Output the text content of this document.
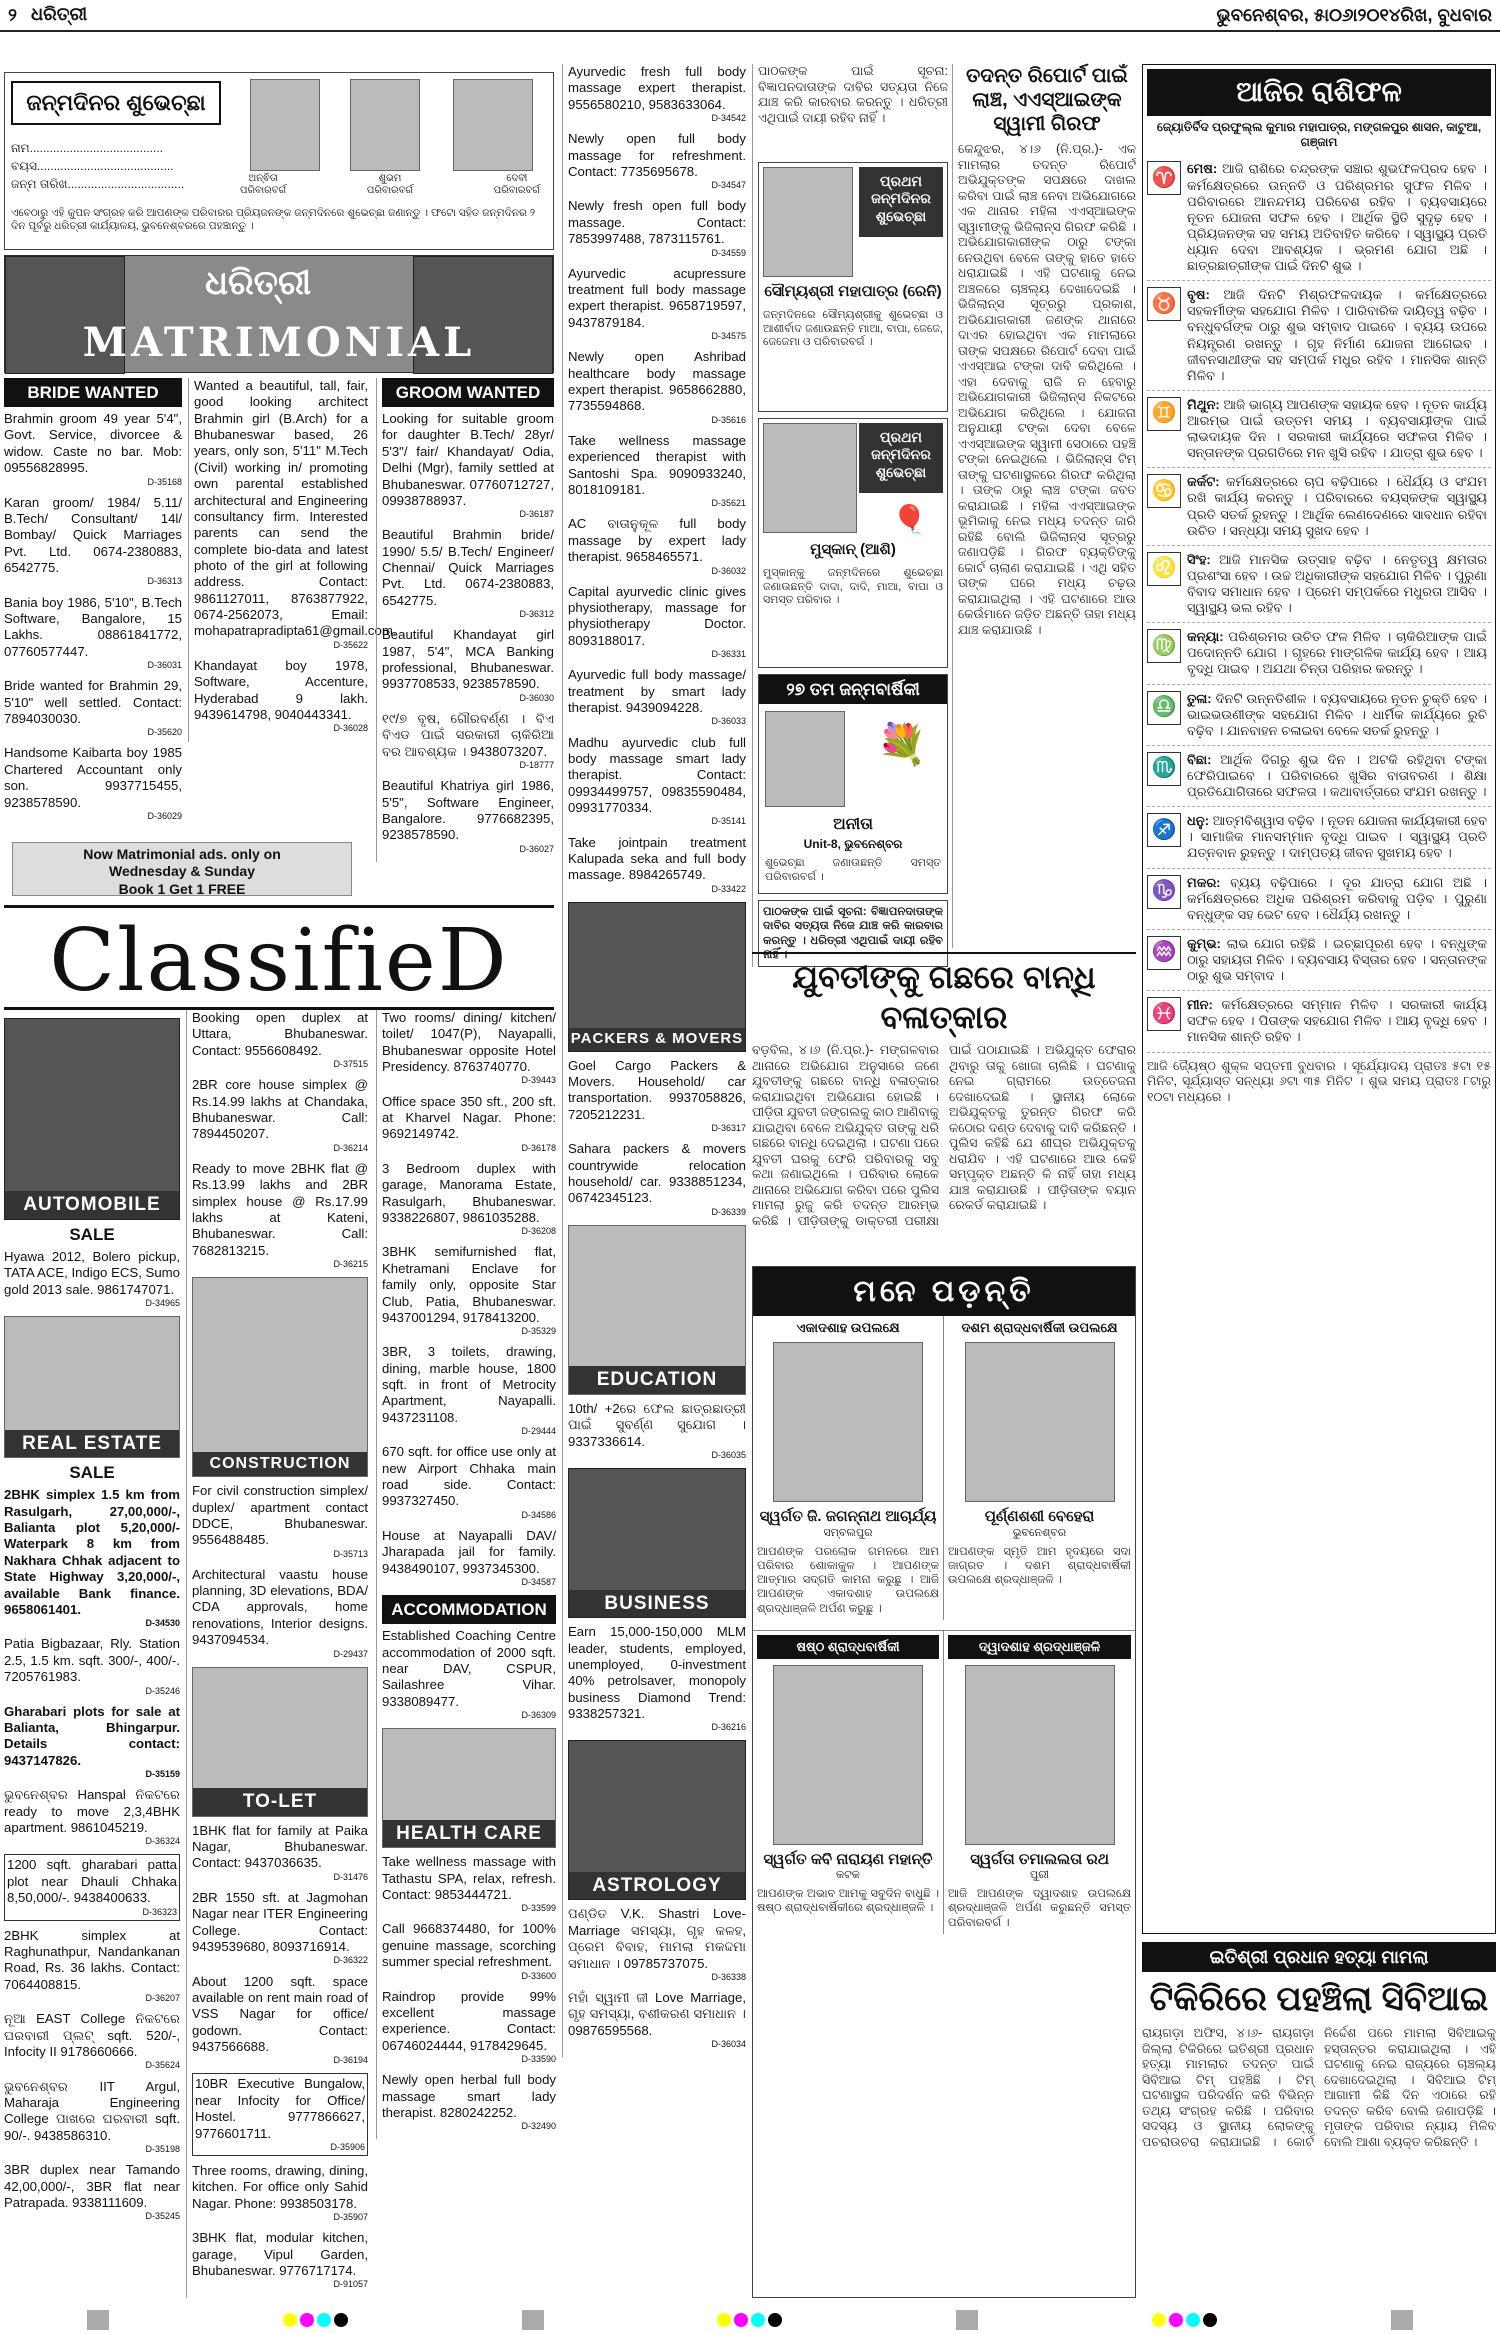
୨ ଧରିତ୍ରୀ	ଭୁବନେଶ୍ବର, ୫ା୦୬ା୨୦୧୪ରିଖ, ବୁଧବାର
ଜନ୍ମଦିନର ଶୁଭେଚ୍ଛା
ନାମ........................................
ବୟସ.........................................
ଜନ୍ମ ତାରିଖ...................................	ଅନ୍ଵିତା
ପରିବାରବର୍ଗ
ଶୁଭମ
ପରିବାରବର୍ଗ
ଦେବୀ
ପରିବାରବର୍ଗ
ଏବେଠାରୁ ଏହି କୁପନ ସଂଗ୍ରହ କରି ଆପଣଙ୍କ ପରିବାରର ପ୍ରିୟଜନଙ୍କ ଜନ୍ମଦିନରେ ଶୁଭେଚ୍ଛା ଜଣାନ୍ତୁ । ଫଟୋ ସହିତ ଜନ୍ମଦିନର ୨ ଦିନ ପୂର୍ବରୁ ଧରିତ୍ରୀ କାର୍ଯ୍ୟାଳୟ, ଭୁବନେଶ୍ବରରେ ପହଞ୍ଚାନ୍ତୁ ।
ଧରିତ୍ରୀ
MATRIMONIAL
BRIDE WANTED
Brahmin groom 49 year 5'4", Govt. Service, divorcee & widow. Caste no bar. Mob: 09556828995.
D-35168
Karan groom/ 1984/ 5.11/ B.Tech/ Consultant/ 14l/ Bombay/ Quick Marriages Pvt. Ltd. 0674-2380883, 6542775.
D-36313
Bania boy 1986, 5'10", B.Tech Software, Bangalore, 15 Lakhs. 08861841772, 07760577447.
D-36031
Bride wanted for Brahmin 29, 5'10" well settled. Contact: 7894030030.
D-35620
Handsome Kaibarta boy 1985 Chartered Accountant only son. 9937715455, 9238578590.
D-36029
Wanted a beautiful, tall, fair, good looking architect Brahmin girl (B.Arch) for a Bhubaneswar based, 26 years, only son, 5'11" M.Tech (Civil) working in/ promoting own parental established architectural and Engineering consultancy firm. Interested parents can send the complete bio-data and latest photo of the girl at following address. Contact: 9861127011, 8763877922, 0674-2562073, Email: mohapatrapradipta61@gmail.com.
D-35622
Khandayat boy 1978, Software, Accenture, Hyderabad 9 lakh. 9439614798, 9040443341.
D-36028
GROOM WANTED
Looking for suitable groom for daughter B.Tech/ 28yr/ 5'3"/ fair/ Khandayat/ Odia, Delhi (Mgr), family settled at Bhubaneswar. 07760712727, 09938788937.
D-36187
Beautiful Brahmin bride/ 1990/ 5.5/ B.Tech/ Engineer/ Chennai/ Quick Marriages Pvt. Ltd. 0674-2380883, 6542775.
D-36312
Beautiful Khandayat girl 1987, 5'4", MCA Banking professional, Bhubaneswar. 9937708533, 9238578590.
D-36030
୧୯/୭ ବୃଷ, ଗୌରବର୍ଣ୍ଣ । ବିଏ ବିଏଡ ପାଇଁ ସରକାରୀ ଚାକିରିଆ ବର ଆବଶ୍ୟକ । 9438073207.
D-18777
Beautiful Khatriya girl 1986, 5'5", Software Engineer, Bangalore. 9776682395, 9238578590.
D-36027
Now Matrimonial ads. only on
Wednesday & Sunday
Book 1 Get 1 FREE
ClassifieD
AUTOMOBILE
SALE
Hyawa 2012, Bolero pickup, TATA ACE, Indigo ECS, Sumo gold 2013 sale. 9861747071.
D-34965
REAL ESTATE
SALE
2BHK simplex 1.5 km from Rasulgarh, 27,00,000/-, Balianta plot 5,20,000/- Waterpark 8 km from Nakhara Chhak adjacent to State Highway 3,20,000/-, available Bank finance. 9658061401.
D-34530
Patia Bigbazaar, Rly. Station 2.5, 1.5 km. sqft. 300/-, 400/-. 7205761983.
D-35246
Gharabari plots for sale at Balianta, Bhingarpur. Details contact: 9437147826.
D-35159
ଭୁବନେଶ୍ବର Hanspal ନିକଟରେ ready to move 2,3,4BHK apartment. 9861045219.
D-36324
1200 sqft. gharabari patta plot near Dhauli Chhaka 8,50,000/-. 9438400633.
D-36323
2BHK simplex at Raghunathpur, Nandankanan Road, Rs. 36 lakhs. Contact: 7064408815.
D-36207
ନୂଆ EAST College ନିକଟରେ ଘରବାରୀ ପ୍ଲଟ୍ sqft. 520/-, Infocity II 9178660666.
D-35624
ଭୁବନେଶ୍ବର IIT Argul, Maharaja Engineering College ପାଖରେ ଘରବାରୀ sqft. 90/-. 9438586310.
D-35198
3BR duplex near Tamando 42,00,000/-, 3BR flat near Patrapada. 9338111609.
D-35245
Booking open duplex at Uttara, Bhubaneswar. Contact: 9556608492.
D-37515
2BR core house simplex @ Rs.14.99 lakhs at Chandaka, Bhubaneswar. Call: 7894450207.
D-36214
Ready to move 2BHK flat @ Rs.13.99 lakhs and 2BR simplex house @ Rs.17.99 lakhs at Kateni, Bhubaneswar. Call: 7682813215.
D-36215
CONSTRUCTION
For civil construction simplex/ duplex/ apartment contact DDCE, Bhubaneswar. 9556488485.
D-35713
Architectural vaastu house planning, 3D elevations, BDA/ CDA approvals, home renovations, Interior designs. 9437094534.
D-29437
TO-LET
1BHK flat for family at Paika Nagar, Bhubaneswar. Contact: 9437036635.
D-31476
2BR 1550 sft. at Jagmohan Nagar near ITER Engineering College. Contact: 9439539680, 8093716914.
D-36322
About 1200 sqft. space available on rent main road of VSS Nagar for office/ godown. Contact: 9437566688.
D-36194
10BR Executive Bungalow, near Infocity for Office/ Hostel. 9777866627, 9776601711.
D-35906
Three rooms, drawing, dining, kitchen. For office only Sahid Nagar. Phone: 9938503178.
D-35907
3BHK flat, modular kitchen, garage, Vipul Garden, Bhubaneswar. 9776717174.
D-91057
Two rooms/ dining/ kitchen/ toilet/ 1047(P), Nayapalli, Bhubaneswar opposite Hotel Presidency. 8763740770.
D-39443
Office space 350 sft., 200 sft. at Kharvel Nagar. Phone: 9692149742.
D-36178
3 Bedroom duplex with garage, Manorama Estate, Rasulgarh, Bhubaneswar. 9338226807, 9861035288.
D-36208
3BHK semifurnished flat, Khetramani Enclave for family only, opposite Star Club, Patia, Bhubaneswar. 9437001294, 9178413200.
D-35329
3BR, 3 toilets, drawing, dining, marble house, 1800 sqft. in front of Metrocity Apartment, Nayapalli. 9437231108.
D-29444
670 sqft. for office use only at new Airport Chhaka main road side. Contact: 9937327450.
D-34586
House at Nayapalli DAV/ Jharapada jail for family. 9438490107, 9937345300.
D-34587
ACCOMMODATION
Established Coaching Centre accommodation of 2000 sqft. near DAV, CSPUR, Sailashree Vihar. 9338089477.
D-36309
HEALTH CARE
Take wellness massage with Tathastu SPA, relax, refresh. Contact: 9853444721.
D-33599
Call 9668374480, for 100% genuine massage, scorching summer special refreshment.
D-33600
Raindrop provide 99% excellent massage experience. Contact: 06746024444, 9178429645.
D-33590
Newly open herbal full body massage smart lady therapist. 8280242252.
D-32490
Ayurvedic fresh full body massage expert therapist. 9556580210, 9583633064.
D-34542
Newly open full body massage for refreshment. Contact: 7735695678.
D-34547
Newly fresh open full body massage. Contact: 7853997488, 7873115761.
D-34559
Ayurvedic acupressure treatment full body massage expert therapist. 9658719597, 9437879184.
D-34575
Newly open Ashribad healthcare body massage expert therapist. 9658662880, 7735594868.
D-35616
Take wellness massage experienced therapist with Santoshi Spa. 9090933240, 8018109181.
D-35621
AC ବାତାନୁକୂଳ full body massage by expert lady therapist. 9658465571.
D-36032
Capital ayurvedic clinic gives physiotherapy, massage for physiotherapy Doctor. 8093188017.
D-36331
Ayurvedic full body massage/ treatment by smart lady therapist. 9439094228.
D-36033
Madhu ayurvedic club full body massage smart lady therapist. Contact: 09934499757, 09835590484, 09931770334.
D-35141
Take jointpain treatment Kalupada seka and full body massage. 8984265749.
D-33422
PACKERS & MOVERS
Goel Cargo Packers & Movers. Household/ car transportation. 9937058826, 7205212231.
D-36317
Sahara packers & movers countrywide relocation household/ car. 9338851234, 06742345123.
D-36339
EDUCATION
10th/ +2ରେ ଫେଲ ଛାତ୍ରଛାତ୍ରୀ ପାଇଁ ସୁବର୍ଣ୍ଣ ସୁଯୋଗ । 9337336614.
D-36035
BUSINESS
Earn 15,000-150,000 MLM leader, students, employed, unemployed, 0-investment 40% petrolsaver, monopoly business Diamond Trend: 9338257321.
D-36216
ASTROLOGY
ପଣ୍ଡିତ V.K. Shastri Love-Marriage ସମସ୍ୟା, ଗୃହ କଳହ, ପ୍ରେମ ବିବାହ, ମାମଲା ମକଦ୍ଦମା ସମାଧାନ । 09785737075.
D-36338
ମହାଁ ସ୍ୱାମୀ ଜୀ Love Marriage, ଗୃହ ସମସ୍ୟା, ବଶୀକରଣ ସମାଧାନ । 09876595568.
D-36034
ପାଠକଙ୍କ ପାଇଁ ସୂଚନା: ବିଜ୍ଞାପନଦାତାଙ୍କ ଦାବିର ସତ୍ୟତା ନିଜେ ଯାଞ୍ଚ କରି କାରବାର କରନ୍ତୁ । ଧରିତ୍ରୀ ଏଥିପାଇଁ ଦାୟୀ ରହିବ ନାହିଁ ।
ପ୍ରଥମ ଜନ୍ମଦିନର ଶୁଭେଚ୍ଛା
ସୌମ୍ୟଶ୍ରୀ ମହାପାତ୍ର (ରେନି)
ଜନ୍ମଦିନରେ ସୌମ୍ୟଶ୍ରୀକୁ ଶୁଭେଚ୍ଛା ଓ ଆଶୀର୍ବାଦ ଜଣାଉଛନ୍ତି ମାଆ, ବାପା, ଜେଜେ, ଜେଜେମା ଓ ପରିବାରବର୍ଗ ।
ପ୍ରଥମ ଜନ୍ମଦିନର ଶୁଭେଚ୍ଛା
🎈
ମୁସ୍କାନ୍ (ଆଶି)
ମୁସ୍କାନ୍‌କୁ ଜନ୍ମଦିନରେ ଶୁଭେଚ୍ଛା ଜଣାଉଛନ୍ତି ଦାଦା, ଦାଦି, ମାଆ, ବାପା ଓ ସମସ୍ତ ପରିବାର ।
୨୭ ତମ ଜନ୍ମବାର୍ଷିକୀ
💐
ଅନୀତା
Unit-8, ଭୁବନେଶ୍ବର
ଶୁଭେଚ୍ଛା ଜଣାଉଛନ୍ତି ସମସ୍ତ ପରିବାରବର୍ଗ ।
ପାଠକଙ୍କ ପାଇଁ ସୂଚନା: ବିଜ୍ଞାପନଦାତାଙ୍କ ଦାବିର ସତ୍ୟତା ନିଜେ ଯାଞ୍ଚ କରି କାରବାର କରନ୍ତୁ । ଧରିତ୍ରୀ ଏଥିପାଇଁ ଦାୟୀ ରହିବ ନାହିଁ ।
ତଦନ୍ତ ରିପୋର୍ଟ ପାଇଁ ଲାଞ୍ଚ, ଏଏସ୍‌ଆଇଙ୍କ ସ୍ୱାମୀ ଗିରଫ
କେନ୍ଦୁଝର, ୪।୬ (ନି.ପ୍ର.)- ଏକ ମାମଲାର ତଦନ୍ତ ରିପୋର୍ଟ ଅଭିଯୁକ୍ତଙ୍କ ସପକ୍ଷରେ ଦାଖଲ କରିବା ପାଇଁ ଲାଞ୍ଚ ନେବା ଅଭିଯୋଗରେ ଏକ ଥାନାର ମହିଳା ଏଏସ୍‌ଆଇଙ୍କ ସ୍ୱାମୀଙ୍କୁ ଭିଜିଲାନ୍ସ ଗିରଫ କରିଛି । ଅଭିଯୋଗକାରୀଙ୍କ ଠାରୁ ଟଙ୍କା ନେଉଥିବା ବେଳେ ତାଙ୍କୁ ହାତେ ହାତେ ଧରାଯାଇଛି । ଏହି ଘଟଣାକୁ ନେଇ ଅଞ୍ଚଳରେ ଚାଞ୍ଚଲ୍ୟ ଦେଖାଦେଇଛି । ଭିଜିଲାନ୍ସ ସୂତ୍ରରୁ ପ୍ରକାଶ, ଅଭିଯୋଗକାରୀ ଜଣଙ୍କ ଥାନାରେ ଦାଏର ହୋଇଥିବା ଏକ ମାମଲାରେ ତାଙ୍କ ସପକ୍ଷରେ ରିପୋର୍ଟ ଦେବା ପାଇଁ ଏଏସ୍‌ଆଇ ଟଙ୍କା ଦାବି କରିଥିଲେ । ଏହା ଦେବାକୁ ରାଜି ନ ହେବାରୁ ଅଭିଯୋଗକାରୀ ଭିଜିଲାନ୍ସ ନିକଟରେ ଅଭିଯୋଗ କରିଥିଲେ । ଯୋଜନା ଅନୁଯାୟୀ ଟଙ୍କା ଦେବା ବେଳେ ଏଏସ୍‌ଆଇଙ୍କ ସ୍ୱାମୀ ସେଠାରେ ପହଞ୍ଚି ଟଙ୍କା ନେଇଥିଲେ । ଭିଜିଲାନ୍ସ ଟିମ୍ ତାଙ୍କୁ ଘଟଣାସ୍ଥଳରେ ଗିରଫ କରିଥିଲା । ତାଙ୍କ ଠାରୁ ଲାଞ୍ଚ ଟଙ୍କା ଜବତ କରାଯାଇଛି । ମହିଳା ଏଏସ୍‌ଆଇଙ୍କ ଭୂମିକାକୁ ନେଇ ମଧ୍ୟ ତଦନ୍ତ ଜାରି ରହିଛି ବୋଲି ଭିଜିଲାନ୍ସ ସୂତ୍ରରୁ ଜଣାପଡ଼ିଛି । ଗିରଫ ବ୍ୟକ୍ତିଙ୍କୁ କୋର୍ଟ ଚାଲାଣ କରାଯାଇଛି । ଏଥି ସହିତ ତାଙ୍କ ଘରେ ମଧ୍ୟ ଚଢ଼ଉ କରାଯାଇଥିଲା । ଏହି ଘଟଣାରେ ଆଉ କେଉଁମାନେ ଜଡ଼ିତ ଅଛନ୍ତି ତାହା ମଧ୍ୟ ଯାଞ୍ଚ କରାଯାଉଛି ।
ଯୁବତୀଙ୍କୁ ଗଛରେ ବାନ୍ଧି ବଳାତ୍କାର
ବଡ଼ବିଲ, ୪।୬ (ନି.ପ୍ର.)- ମଙ୍ଗଳବାର ଥାନାରେ ଅଭିଯୋଗ ଅନୁସାରେ ଜଣେ ଯୁବତୀଙ୍କୁ ଗଛରେ ବାନ୍ଧି ବଳାତ୍କାର କରାଯାଇଥିବା ଅଭିଯୋଗ ହୋଇଛି । ପୀଡ଼ିତା ଯୁବତୀ ଜଙ୍ଗଲକୁ କାଠ ଆଣିବାକୁ ଯାଇଥିବା ବେଳେ ଅଭିଯୁକ୍ତ ତାଙ୍କୁ ଧରି ଗଛରେ ବାନ୍ଧି ଦେଇଥିଲା । ଘଟଣା ପରେ ଯୁବତୀ ଘରକୁ ଫେରି ପରିବାରକୁ ସବୁ କଥା ଜଣାଇଥିଲେ । ପରିବାର ଲୋକେ ଥାନାରେ ଅଭିଯୋଗ କରିବା ପରେ ପୁଲିସ ମାମଲା ରୁଜୁ କରି ତଦନ୍ତ ଆରମ୍ଭ କରିଛି । ପୀଡ଼ିତାଙ୍କୁ ଡାକ୍ତରୀ ପରୀକ୍ଷା ପାଇଁ ପଠାଯାଇଛି । ଅଭିଯୁକ୍ତ ଫେରାର ଥିବାରୁ ତାକୁ ଖୋଜା ଚାଲିଛି । ଘଟଣାକୁ ନେଇ ଗ୍ରାମରେ ଉତ୍ତେଜନା ଦେଖାଦେଇଛି । ସ୍ଥାନୀୟ ଲୋକେ ଅଭିଯୁକ୍ତକୁ ତୁରନ୍ତ ଗିରଫ କରି କଠୋର ଦଣ୍ଡ ଦେବାକୁ ଦାବି କରିଛନ୍ତି । ପୁଲିସ କହିଛି ଯେ ଶୀଘ୍ର ଅଭିଯୁକ୍ତକୁ ଧରାଯିବ । ଏହି ଘଟଣାରେ ଆଉ କେହି ସମ୍ପୃକ୍ତ ଅଛନ୍ତି କି ନାହିଁ ତାହା ମଧ୍ୟ ଯାଞ୍ଚ କରାଯାଉଛି । ପୀଡ଼ିତାଙ୍କ ବୟାନ ରେକର୍ଡ କରାଯାଇଛି ।
ମନେ ପଡ଼ନ୍ତି
ଏକାଦଶାହ ଉପଲକ୍ଷେ
ସ୍ୱର୍ଗତ ଜି. ଜଗନ୍ନାଥ ଆଚାର୍ଯ୍ୟ
ସମ୍ବଲପୁର
ଆପଣଙ୍କ ପରଲୋକ ଗମନରେ ଆମ ପରିବାର ଶୋକାକୁଳ । ଆପଣଙ୍କ ଆତ୍ମାର ସଦ୍‌ଗତି କାମନା କରୁଛୁ । ଆଜି ଆପଣଙ୍କ ଏକାଦଶାହ ଉପଲକ୍ଷେ ଶ୍ରଦ୍ଧାଞ୍ଜଳି ଅର୍ପଣ କରୁଛୁ ।
ଦଶମ ଶ୍ରାଦ୍ଧବାର୍ଷିକୀ ଉପଲକ୍ଷେ
ପୂର୍ଣ୍ଣଶଶୀ ବେହେରା
ଭୁବନେଶ୍ବର
ଆପଣଙ୍କ ସ୍ମୃତି ଆମ ହୃଦୟରେ ସଦା ଜାଗ୍ରତ । ଦଶମ ଶ୍ରାଦ୍ଧବାର୍ଷିକୀ ଉପଲକ୍ଷେ ଶ୍ରଦ୍ଧାଞ୍ଜଳି ।
ଷଷ୍ଠ ଶ୍ରାଦ୍ଧବାର୍ଷିକୀ
ସ୍ୱର୍ଗତ କବି ନାରାୟଣ ମହାନ୍ତି
କଟକ
ଆପଣଙ୍କ ଅଭାବ ଆମକୁ ସବୁଦିନ ବାଧୁଛି । ଷଷ୍ଠ ଶ୍ରାଦ୍ଧବାର୍ଷିକୀରେ ଶ୍ରଦ୍ଧାଞ୍ଜଳି ।
ଦ୍ୱାଦଶାହ ଶ୍ରଦ୍ଧାଞ୍ଜଳି
ସ୍ୱର୍ଗତା ତମାଲଲତା ରଥ
ପୁରୀ
ଆଜି ଆପଣଙ୍କ ଦ୍ୱାଦଶାହ ଉପଲକ୍ଷେ ଶ୍ରଦ୍ଧାଞ୍ଜଳି ଅର୍ପଣ କରୁଛନ୍ତି ସମସ୍ତ ପରିବାରବର୍ଗ ।
ଆଜିର ରାଶିଫଳ
ଜ୍ୟୋତିର୍ବିଦ ପ୍ରଫୁଲ୍ଲ କୁମାର ମହାପାତ୍ର, ମଙ୍ଗଳପୁର ଶାସନ, କାଟୁଆ, ଗଞ୍ଜାମ
♈ ମେଷ: ଆଜି ରାଶିରେ ଚନ୍ଦ୍ରଙ୍କ ସଞ୍ଚାର ଶୁଭଫଳପ୍ରଦ ହେବ । କର୍ମକ୍ଷେତ୍ରରେ ଉନ୍ନତି ଓ ପରିଶ୍ରମର ସୁଫଳ ମିଳିବ । ପରିବାରରେ ଆନନ୍ଦମୟ ପରିବେଶ ରହିବ । ବ୍ୟବସାୟରେ ନୂତନ ଯୋଜନା ସଫଳ ହେବ । ଆର୍ଥିକ ସ୍ଥିତି ସୁଦୃଢ଼ ହେବ । ପ୍ରିୟଜନଙ୍କ ସହ ସମୟ ଅତିବାହିତ କରିବେ । ସ୍ୱାସ୍ଥ୍ୟ ପ୍ରତି ଧ୍ୟାନ ଦେବା ଆବଶ୍ୟକ । ଭ୍ରମଣ ଯୋଗ ଅଛି । ଛାତ୍ରଛାତ୍ରୀଙ୍କ ପାଇଁ ଦିନଟି ଶୁଭ ।
♉ ବୃଷ: ଆଜି ଦିନଟି ମିଶ୍ରଫଳଦାୟକ । କର୍ମକ୍ଷେତ୍ରରେ ସହକର୍ମୀଙ୍କ ସହଯୋଗ ମିଳିବ । ପାରିବାରିକ ଦାୟିତ୍ୱ ବଢ଼ିବ । ବନ୍ଧୁବର୍ଗଙ୍କ ଠାରୁ ଶୁଭ ସମ୍ବାଦ ପାଇବେ । ବ୍ୟୟ ଉପରେ ନିୟନ୍ତ୍ରଣ ରଖନ୍ତୁ । ଗୃହ ନିର୍ମାଣ ଯୋଜନା ଆଗେଇବ । ଜୀବନସାଥୀଙ୍କ ସହ ସମ୍ପର୍କ ମଧୁର ରହିବ । ମାନସିକ ଶାନ୍ତି ମିଳିବ ।
♊ ମିଥୁନ: ଆଜି ଭାଗ୍ୟ ଆପଣଙ୍କ ସହାୟକ ହେବ । ନୂତନ କାର୍ଯ୍ୟ ଆରମ୍ଭ ପାଇଁ ଉତ୍ତମ ସମୟ । ବ୍ୟବସାୟୀଙ୍କ ପାଇଁ ଲାଭଦାୟକ ଦିନ । ସରକାରୀ କାର୍ଯ୍ୟରେ ସଫଳତା ମିଳିବ । ସନ୍ତାନଙ୍କ ପ୍ରଗତିରେ ମନ ଖୁସି ରହିବ । ଯାତ୍ରା ଶୁଭ ହେବ ।
♋ କର୍କଟ: କର୍ମକ୍ଷେତ୍ରରେ ଚାପ ବଢ଼ିପାରେ । ଧୈର୍ଯ୍ୟ ଓ ସଂଯମ ରଖି କାର୍ଯ୍ୟ କରନ୍ତୁ । ପରିବାରରେ ବୟସ୍କଙ୍କ ସ୍ୱାସ୍ଥ୍ୟ ପ୍ରତି ସତର୍କ ରୁହନ୍ତୁ । ଆର୍ଥିକ ଲେଣଦେଣରେ ସାବଧାନ ରହିବା ଉଚିତ । ସନ୍ଧ୍ୟା ସମୟ ସୁଖଦ ହେବ ।
♌ ସିଂହ: ଆଜି ମାନସିକ ଉତ୍ସାହ ବଢ଼ିବ । ନେତୃତ୍ୱ କ୍ଷମତାର ପ୍ରଶଂସା ହେବ । ଉଚ୍ଚ ଅଧିକାରୀଙ୍କ ସହଯୋଗ ମିଳିବ । ପୁରୁଣା ବିବାଦ ସମାଧାନ ହେବ । ପ୍ରେମ ସମ୍ପର୍କରେ ମଧୁରତା ଆସିବ । ସ୍ୱାସ୍ଥ୍ୟ ଭଲ ରହିବ ।
♍ କନ୍ୟା: ପରିଶ୍ରମର ଉଚିତ ଫଳ ମିଳିବ । ଚାକିରିଆଙ୍କ ପାଇଁ ପଦୋନ୍ନତି ଯୋଗ । ଗୃହରେ ମାଙ୍ଗଳିକ କାର୍ଯ୍ୟ ହେବ । ଆୟ ବୃଦ୍ଧି ପାଇବ । ଅଯଥା ଚିନ୍ତା ପରିହାର କରନ୍ତୁ ।
♎ ତୁଳା: ଦିନଟି ଉନ୍ନତିଶୀଳ । ବ୍ୟବସାୟରେ ନୂତନ ଚୁକ୍ତି ହେବ । ଭାଇଭଉଣୀଙ୍କ ସହଯୋଗ ମିଳିବ । ଧାର୍ମିକ କାର୍ଯ୍ୟରେ ରୁଚି ବଢ଼ିବ । ଯାନବାହନ ଚଳାଇବା ବେଳେ ସତର୍କ ରୁହନ୍ତୁ ।
♏ ବିଛା: ଆର୍ଥିକ ଦିଗରୁ ଶୁଭ ଦିନ । ଅଟକି ରହିଥିବା ଟଙ୍କା ଫେରିପାଇବେ । ପରିବାରରେ ଖୁସିର ବାତାବରଣ । ଶିକ୍ଷା ପ୍ରତିଯୋଗିତାରେ ସଫଳତା । କଥାବାର୍ତ୍ତାରେ ସଂଯମ ରଖନ୍ତୁ ।
♐ ଧନୁ: ଆତ୍ମବିଶ୍ୱାସ ବଢ଼ିବ । ନୂତନ ଯୋଜନା କାର୍ଯ୍ୟକାରୀ ହେବ । ସାମାଜିକ ମାନସମ୍ମାନ ବୃଦ୍ଧି ପାଇବ । ସ୍ୱାସ୍ଥ୍ୟ ପ୍ରତି ଯତ୍ନବାନ ରୁହନ୍ତୁ । ଦାମ୍ପତ୍ୟ ଜୀବନ ସୁଖମୟ ହେବ ।
♑ ମକର: ବ୍ୟୟ ବଢ଼ିପାରେ । ଦୂର ଯାତ୍ରା ଯୋଗ ଅଛି । କର୍ମକ୍ଷେତ୍ରରେ ଅଧିକ ପରିଶ୍ରମ କରିବାକୁ ପଡ଼ିବ । ପୁରୁଣା ବନ୍ଧୁଙ୍କ ସହ ଭେଟ ହେବ । ଧୈର୍ଯ୍ୟ ରଖନ୍ତୁ ।
♒ କୁମ୍ଭ: ଲାଭ ଯୋଗ ରହିଛି । ଇଚ୍ଛାପୂରଣ ହେବ । ବନ୍ଧୁଙ୍କ ଠାରୁ ସହାୟତା ମିଳିବ । ବ୍ୟବସାୟ ବିସ୍ତାର ହେବ । ସନ୍ତାନଙ୍କ ଠାରୁ ଶୁଭ ସମ୍ବାଦ ।
♓ ମୀନ: କର୍ମକ୍ଷେତ୍ରରେ ସମ୍ମାନ ମିଳିବ । ସରକାରୀ କାର୍ଯ୍ୟ ସଫଳ ହେବ । ପିତାଙ୍କ ସହଯୋଗ ମିଳିବ । ଆୟ ବୃଦ୍ଧି ହେବ । ମାନସିକ ଶାନ୍ତି ରହିବ ।
ଆଜି ଜ୍ୟୈଷ୍ଠ ଶୁକ୍ଳ ସପ୍ତମୀ ବୁଧବାର । ସୂର୍ଯ୍ୟୋଦୟ ପ୍ରାତଃ ୫ଟା ୧୫ ମିନିଟ, ସୂର୍ଯ୍ୟାସ୍ତ ସନ୍ଧ୍ୟା ୬ଟା ୩୫ ମିନିଟ । ଶୁଭ ସମୟ ପ୍ରାତଃ ୮ଟାରୁ ୧୦ଟା ମଧ୍ୟରେ ।
ଇତିଶ୍ରୀ ପ୍ରଧାନ ହତ୍ୟା ମାମଲା
ଟିକିରିରେ ପହଞ୍ଚିଲା ସିବିଆଇ
ରାୟଗଡ଼ା ଅଫିସ, ୪।୬- ରାୟଗଡ଼ା ଜିଲ୍ଲା ଟିକିରିରେ ଇତିଶ୍ରୀ ପ୍ରଧାନ ହତ୍ୟା ମାମଲାର ତଦନ୍ତ ପାଇଁ ସିବିଆଇ ଟିମ୍ ପହଞ୍ଚିଛି । ଟିମ୍ ଘଟଣାସ୍ଥଳ ପରିଦର୍ଶନ କରି ବିଭିନ୍ନ ତଥ୍ୟ ସଂଗ୍ରହ କରିଛି । ପରିବାର ସଦସ୍ୟ ଓ ସ୍ଥାନୀୟ ଲୋକଙ୍କୁ ପଚରାଉଚରା କରାଯାଇଛି । କୋର୍ଟ ନିର୍ଦ୍ଦେଶ ପରେ ମାମଲା ସିବିଆଇକୁ ହସ୍ତାନ୍ତର କରାଯାଇଥିଲା । ଏହି ଘଟଣାକୁ ନେଇ ରାଜ୍ୟରେ ଚାଞ୍ଚଲ୍ୟ ଦେଖାଦେଇଥିଲା । ସିବିଆଇ ଟିମ୍ ଆଗାମୀ କିଛି ଦିନ ଏଠାରେ ରହି ତଦନ୍ତ କରିବ ବୋଲି ଜଣାପଡ଼ିଛି । ମୃତାଙ୍କ ପରିବାର ନ୍ୟାୟ ମିଳିବ ବୋଲି ଆଶା ବ୍ୟକ୍ତ କରିଛନ୍ତି ।
